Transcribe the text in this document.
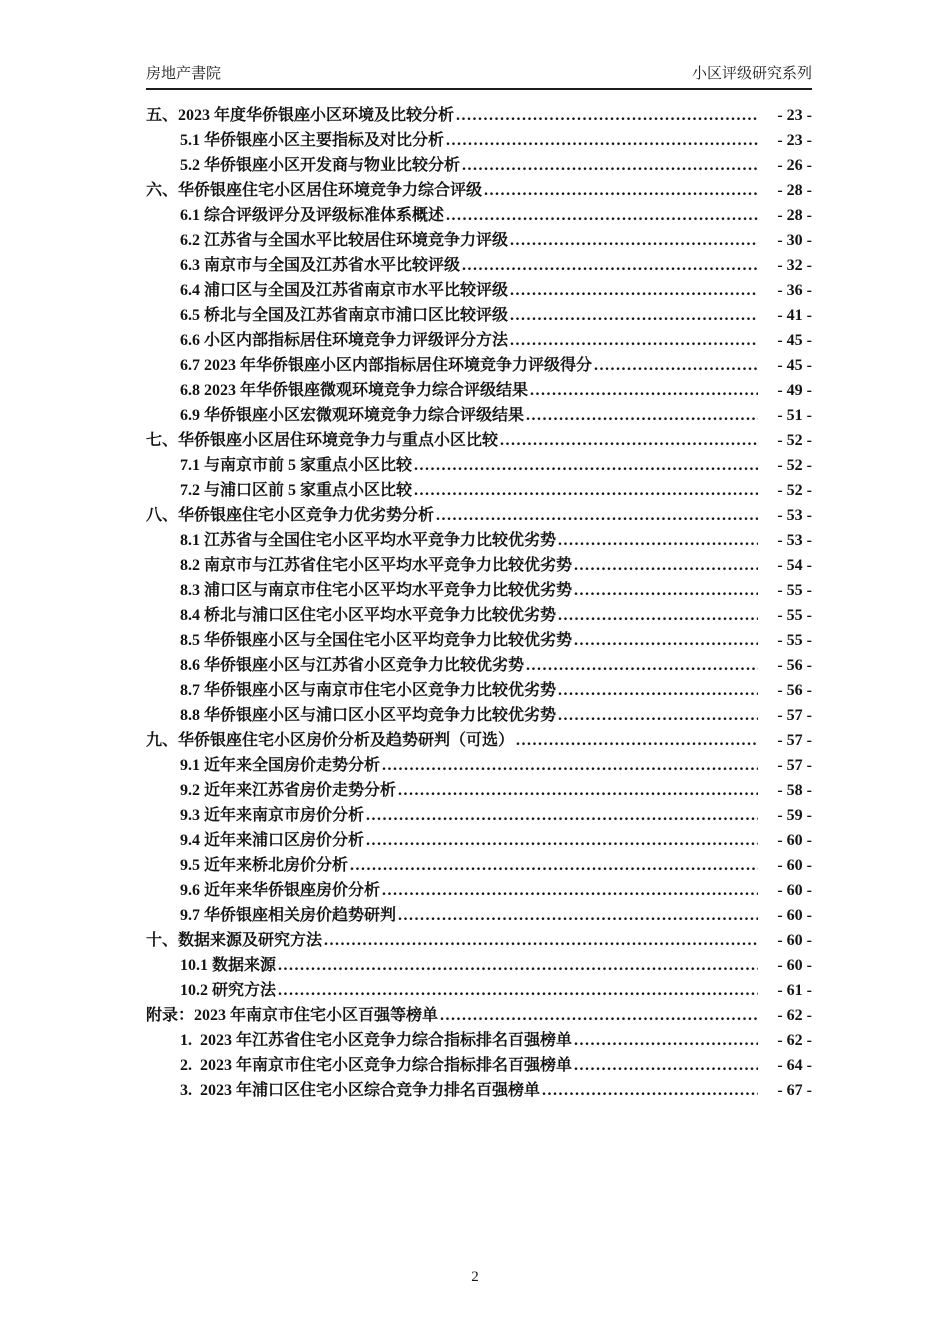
房地产書院	小区评级研究系列
五、2023 年度华侨银座小区环境及比较分析 .....	- 23 -
5.1 华侨银座小区主要指标及对比分析 .....	- 23 -
5.2 华侨银座小区开发商与物业比较分析 .....	- 26 -
六、华侨银座住宅小区居住环境竞争力综合评级 .....	- 28 -
6.1 综合评级评分及评级标准体系概述 .....	- 28 -
6.2 江苏省与全国水平比较居住环境竞争力评级 .....	- 30 -
6.3 南京市与全国及江苏省水平比较评级 .....	- 32 -
6.4 浦口区与全国及江苏省南京市水平比较评级 .....	- 36 -
6.5 桥北与全国及江苏省南京市浦口区比较评级 .....	- 41 -
6.6 小区内部指标居住环境竞争力评级评分方法 .....	- 45 -
6.7 2023 年华侨银座小区内部指标居住环境竞争力评级得分 .....	- 45 -
6.8 2023 年华侨银座微观环境竞争力综合评级结果 .....	- 49 -
6.9 华侨银座小区宏微观环境竞争力综合评级结果 .....	- 51 -
七、华侨银座小区居住环境竞争力与重点小区比较 .....	- 52 -
7.1 与南京市前 5 家重点小区比较 .....	- 52 -
7.2 与浦口区前 5 家重点小区比较 .....	- 52 -
八、华侨银座住宅小区竞争力优劣势分析 .....	- 53 -
8.1 江苏省与全国住宅小区平均水平竞争力比较优劣势 .....	- 53 -
8.2 南京市与江苏省住宅小区平均水平竞争力比较优劣势 .....	- 54 -
8.3 浦口区与南京市住宅小区平均水平竞争力比较优劣势 .....	- 55 -
8.4 桥北与浦口区住宅小区平均水平竞争力比较优劣势 .....	- 55 -
8.5 华侨银座小区与全国住宅小区平均竞争力比较优劣势 .....	- 55 -
8.6 华侨银座小区与江苏省小区竞争力比较优劣势 .....	- 56 -
8.7 华侨银座小区与南京市住宅小区竞争力比较优劣势 .....	- 56 -
8.8 华侨银座小区与浦口区小区平均竞争力比较优劣势 .....	- 57 -
九、华侨银座住宅小区房价分析及趋势研判（可选） .....	- 57 -
9.1 近年来全国房价走势分析 .....	- 57 -
9.2 近年来江苏省房价走势分析 .....	- 58 -
9.3 近年来南京市房价分析 .....	- 59 -
9.4 近年来浦口区房价分析 .....	- 60 -
9.5 近年来桥北房价分析 .....	- 60 -
9.6 近年来华侨银座房价分析 .....	- 60 -
9.7 华侨银座相关房价趋势研判 .....	- 60 -
十、数据来源及研究方法 .....	- 60 -
10.1 数据来源 .....	- 60 -
10.2 研究方法 .....	- 61 -
附录：2023 年南京市住宅小区百强等榜单 .....	- 62 -
1.  2023 年江苏省住宅小区竞争力综合指标排名百强榜单 .....	- 62 -
2.  2023 年南京市住宅小区竞争力综合指标排名百强榜单 .....	- 64 -
3.  2023 年浦口区住宅小区综合竞争力排名百强榜单 .....	- 67 -
2
